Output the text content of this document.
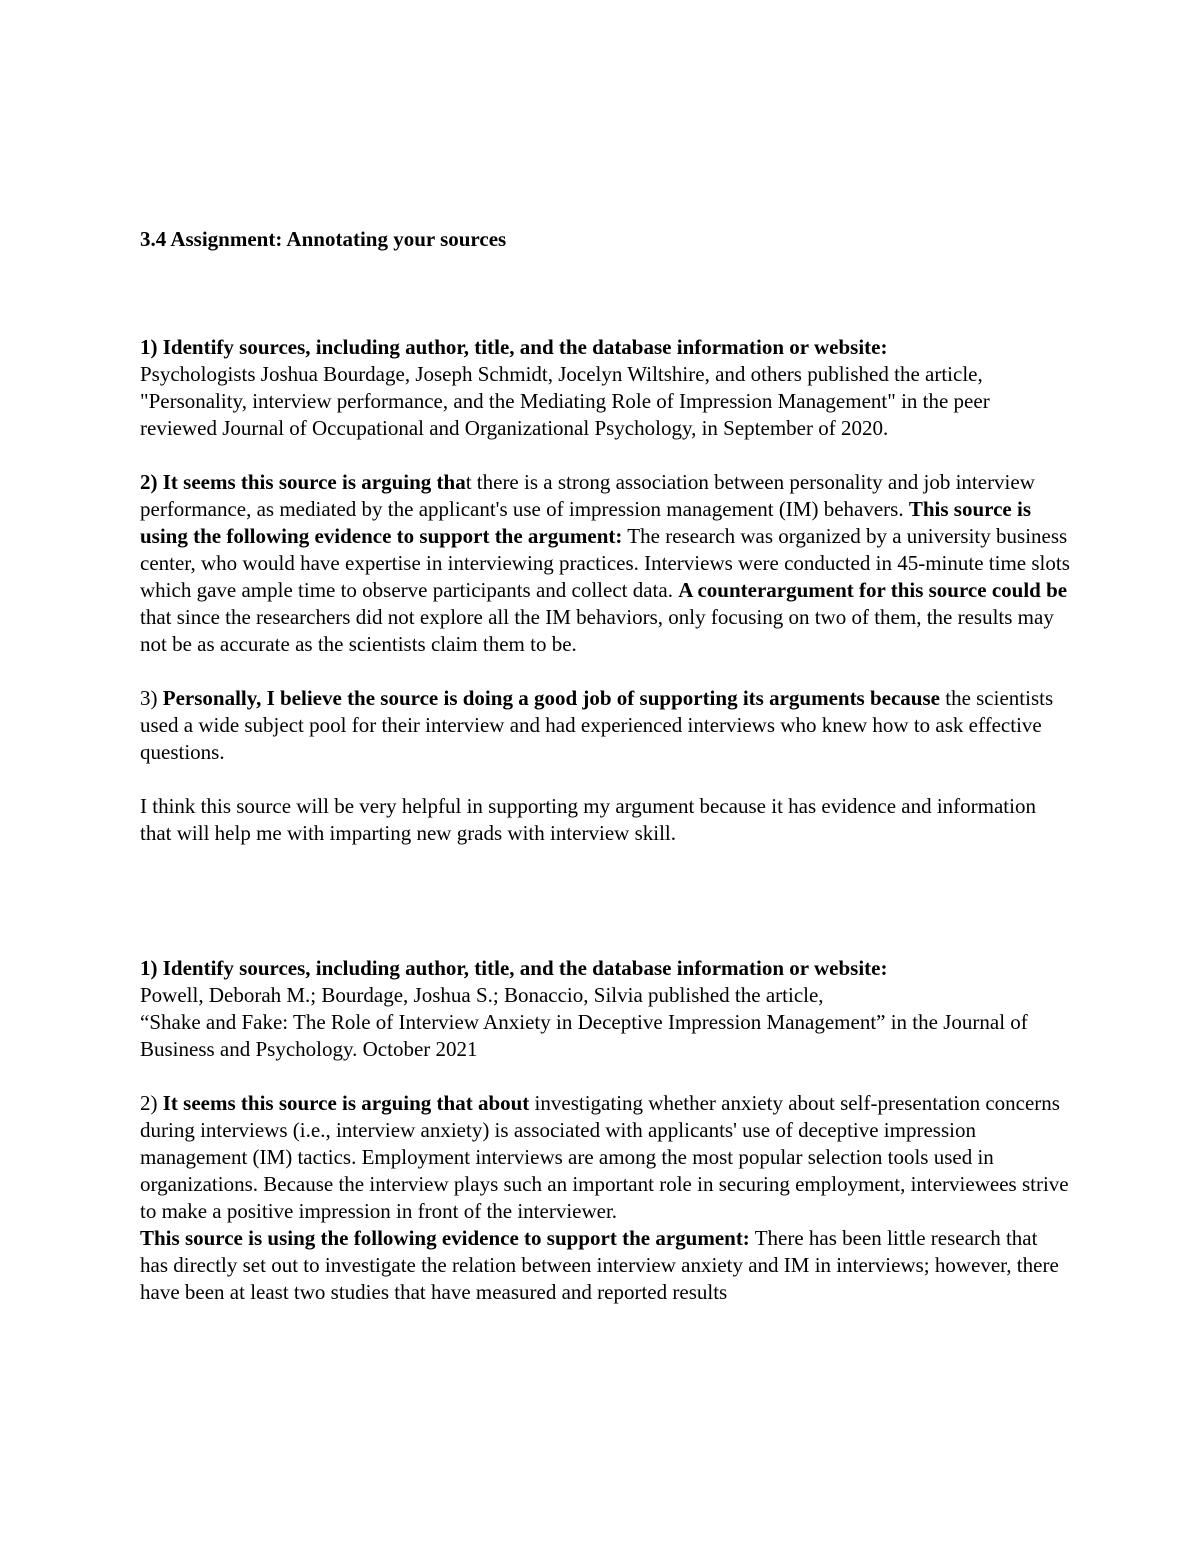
3.4 Assignment: Annotating your sources

1) Identify sources, including author, title, and the database information or website:
Psychologists Joshua Bourdage, Joseph Schmidt, Jocelyn Wiltshire, and others published the article, "Personality, interview performance, and the Mediating Role of Impression Management" in the peer reviewed Journal of Occupational and Organizational Psychology, in September of 2020.

2) It seems this source is arguing that there is a strong association between personality and job interview performance, as mediated by the applicant's use of impression management (IM) behavers. This source is using the following evidence to support the argument: The research was organized by a university business center, who would have expertise in interviewing practices. Interviews were conducted in 45-minute time slots which gave ample time to observe participants and collect data. A counterargument for this source could be that since the researchers did not explore all the IM behaviors, only focusing on two of them, the results may not be as accurate as the scientists claim them to be.

3) Personally, I believe the source is doing a good job of supporting its arguments because the scientists used a wide subject pool for their interview and had experienced interviews who knew how to ask effective questions.

I think this source will be very helpful in supporting my argument because it has evidence and information that will help me with imparting new grads with interview skill.

1) Identify sources, including author, title, and the database information or website:
Powell, Deborah M.; Bourdage, Joshua S.; Bonaccio, Silvia published the article,
“Shake and Fake: The Role of Interview Anxiety in Deceptive Impression Management” in the Journal of Business and Psychology. October 2021

2) It seems this source is arguing that about investigating whether anxiety about self-presentation concerns during interviews (i.e., interview anxiety) is associated with applicants' use of deceptive impression management (IM) tactics. Employment interviews are among the most popular selection tools used in organizations. Because the interview plays such an important role in securing employment, interviewees strive to make a positive impression in front of the interviewer.
This source is using the following evidence to support the argument: There has been little research that has directly set out to investigate the relation between interview anxiety and IM in interviews; however, there have been at least two studies that have measured and reported results
